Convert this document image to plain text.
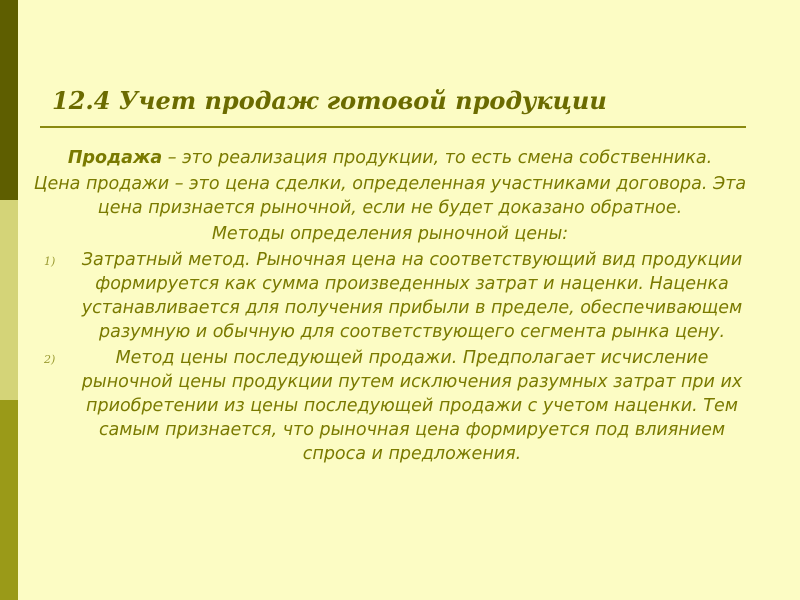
12.4 Учет продаж готовой продукции

Продажа – это реализация продукции, то есть смена собственника.

Цена продажи – это цена сделки, определенная участниками договора. Эта цена признается рыночной, если не будет доказано обратное.

Методы определения рыночной цены:

1) Затратный метод. Рыночная цена на соответствующий вид продукции формируется как сумма произведенных затрат и наценки. Наценка устанавливается для получения прибыли в пределе, обеспечивающем разумную и обычную для соответствующего сегмента рынка цену.
2)	Метод цены последующей продажи. Предполагает исчисление рыночной цены продукции путем исключения разумных затрат при их приобретении из цены последующей продажи с учетом наценки. Тем самым признается, что рыночная цена формируется под влиянием спроса и предложения.
